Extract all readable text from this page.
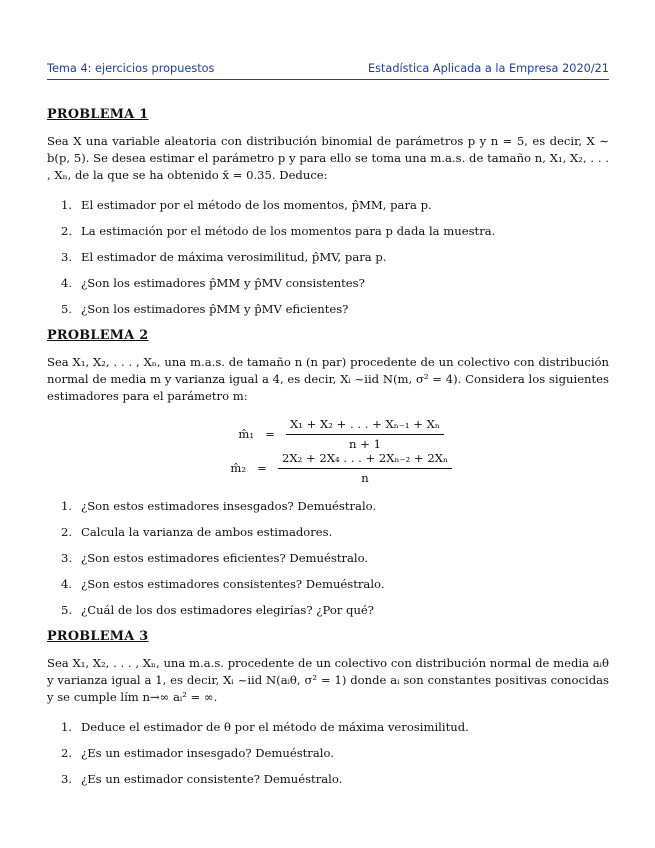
Tema 4: ejercicios propuestos	Estadística Aplicada a la Empresa 2020/21
PROBLEMA 1

Sea X una variable aleatoria con distribución binomial de parámetros p y n = 5, es decir, X ∼ b(p, 5). Se desea estimar el parámetro p y para ello se toma una m.a.s. de tamaño n, X₁, X₂, . . . , Xₙ, de la que se ha obtenido x̄ = 0.35. Deduce:

1. El estimador por el método de los momentos, p̂MM, para p.
2. La estimación por el método de los momentos para p dada la muestra.
3. El estimador de máxima verosimilitud, p̂MV, para p.
4. ¿Son los estimadores p̂MM y p̂MV consistentes?
5. ¿Son los estimadores p̂MM y p̂MV eficientes?
PROBLEMA 2

Sea X₁, X₂, . . . , Xₙ, una m.a.s. de tamaño n (n par) procedente de un colectivo con distribución normal de media m y varianza igual a 4, es decir, Xᵢ ~iid N(m, σ² = 4). Considera los siguientes estimadores para el parámetro m:

m̂₁ = $\frac{\text{X₁ + X₂ + . . . + Xₙ₋₁ + Xₙ}}{n + 1}$
m̂₂ = $\frac{\text{2X₂ + 2X₄ . . . + 2Xₙ₋₂ + 2Xₙ}}{n}$
1. ¿Son estos estimadores insesgados? Demuéstralo.
2. Calcula la varianza de ambos estimadores.
3. ¿Son estos estimadores eficientes? Demuéstralo.
4. ¿Son estos estimadores consistentes? Demuéstralo.
5. ¿Cuál de los dos estimadores elegirías? ¿Por qué?
PROBLEMA 3

Sea X₁, X₂, . . . , Xₙ, una m.a.s. procedente de un colectivo con distribución normal de media aᵢθ y varianza igual a 1, es decir, Xᵢ ~iid N(aᵢθ, σ² = 1) donde aᵢ son constantes positivas conocidas y se cumple lím n→∞ aᵢ² = ∞.

1. Deduce el estimador de θ por el método de máxima verosimilitud.
2. ¿Es un estimador insesgado? Demuéstralo.
3. ¿Es un estimador consistente? Demuéstralo.
